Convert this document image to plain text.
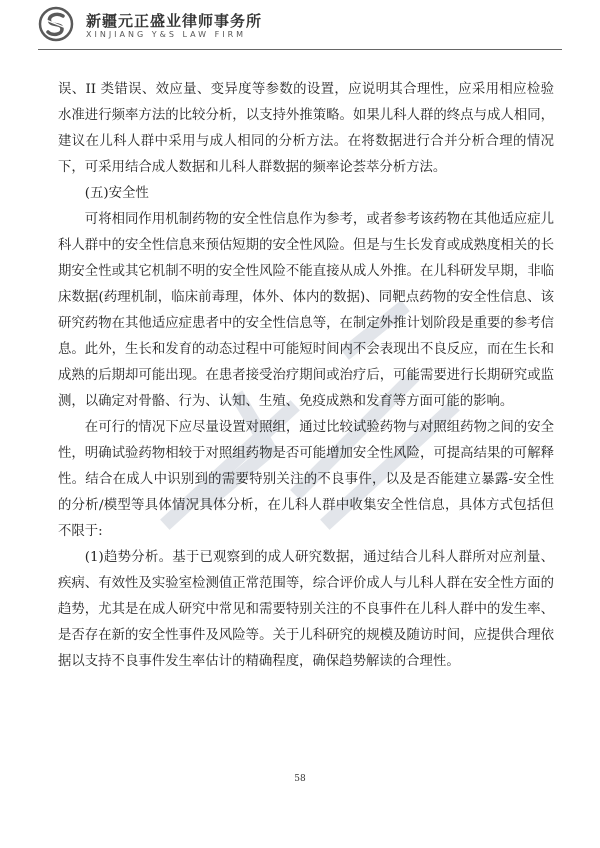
新疆元正盛业律师事务所
XINJIANG Y&S LAW FIRM

误、II 类错误、效应量、变异度等参数的设置，应说明其合理性，应采用相应检验水准进行频率方法的比较分析，以支持外推策略。如果儿科人群的终点与成人相同，建议在儿科人群中采用与成人相同的分析方法。在将数据进行合并分析合理的情况下，可采用结合成人数据和儿科人群数据的频率论荟萃分析方法。

(五)安全性

可将相同作用机制药物的安全性信息作为参考，或者参考该药物在其他适应症儿科人群中的安全性信息来预估短期的安全性风险。但是与生长发育或成熟度相关的长期安全性或其它机制不明的安全性风险不能直接从成人外推。在儿科研发早期，非临床数据(药理机制，临床前毒理，体外、体内的数据)、同靶点药物的安全性信息、该研究药物在其他适应症患者中的安全性信息等，在制定外推计划阶段是重要的参考信息。此外，生长和发育的动态过程中可能短时间内不会表现出不良反应，而在生长和成熟的后期却可能出现。在患者接受治疗期间或治疗后，可能需要进行长期研究或监测，以确定对骨骼、行为、认知、生殖、免疫成熟和发育等方面可能的影响。

在可行的情况下应尽量设置对照组，通过比较试验药物与对照组药物之间的安全性，明确试验药物相较于对照组药物是否可能增加安全性风险，可提高结果的可解释性。结合在成人中识别到的需要特别关注的不良事件，以及是否能建立暴露-安全性的分析/模型等具体情况具体分析，在儿科人群中收集安全性信息，具体方式包括但不限于:

(1)趋势分析。基于已观察到的成人研究数据，通过结合儿科人群所对应剂量、疾病、有效性及实验室检测值正常范围等，综合评价成人与儿科人群在安全性方面的趋势，尤其是在成人研究中常见和需要特别关注的不良事件在儿科人群中的发生率、是否存在新的安全性事件及风险等。关于儿科研究的规模及随访时间，应提供合理依据以支持不良事件发生率估计的精确程度，确保趋势解读的合理性。

58
